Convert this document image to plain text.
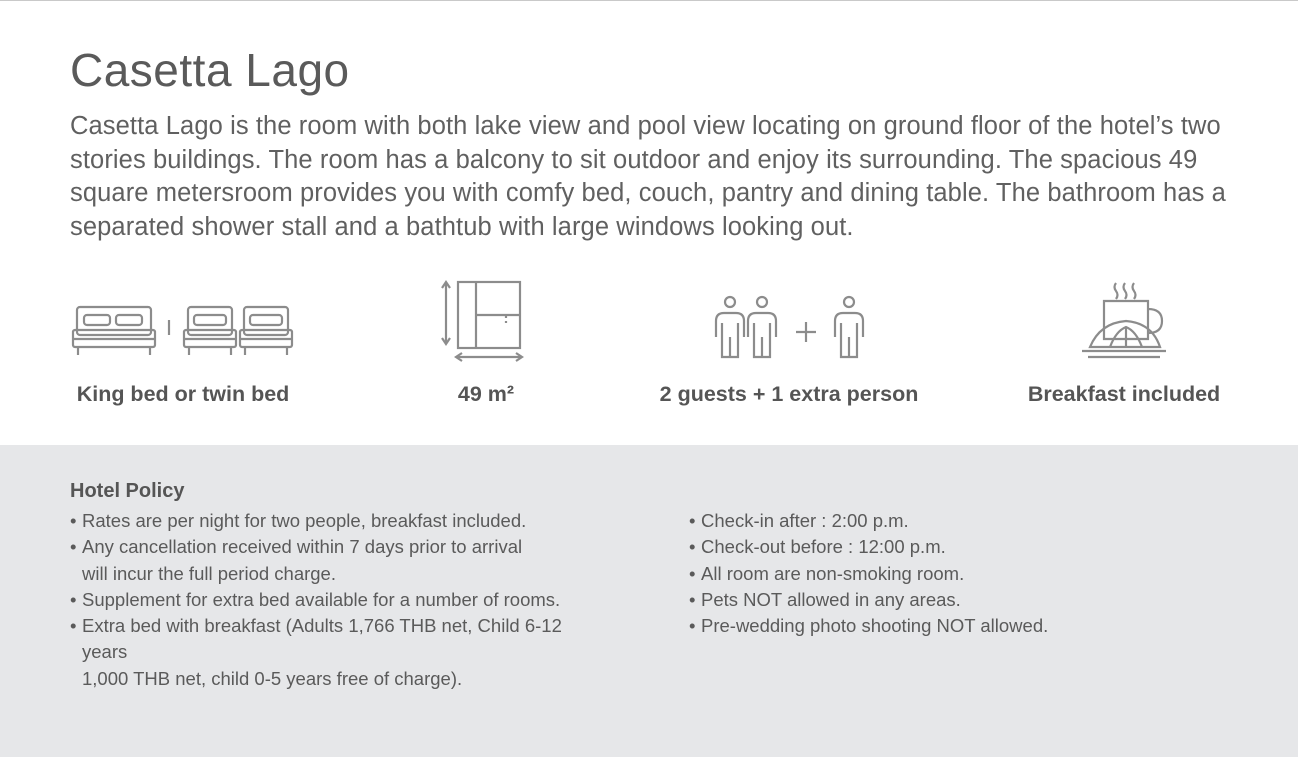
Casetta Lago

Casetta Lago is the room with both lake view and pool view locating on ground floor of the hotel’s two stories buildings. The room has a balcony to sit outdoor and enjoy its surrounding. The spacious 49 square metersroom provides you with comfy bed, couch, pantry and dining table. The bathroom has a separated shower stall and a bathtub with large windows looking out.

King bed or twin bed	49 m²	2 guests + 1 extra person	Breakfast included
Hotel Policy
• Rates are per night for two people, breakfast included.
• Any cancellation received within 7 days prior to arrival
will incur the full period charge.
• Supplement for extra bed available for a number of rooms.
• Extra bed with breakfast (Adults 1,766 THB net, Child 6-12
years
1,000 THB net, child 0-5 years free of charge).
• Check-in after : 2:00 p.m.
• Check-out before : 12:00 p.m.
• All room are non-smoking room.
• Pets NOT allowed in any areas.
• Pre-wedding photo shooting NOT allowed.
